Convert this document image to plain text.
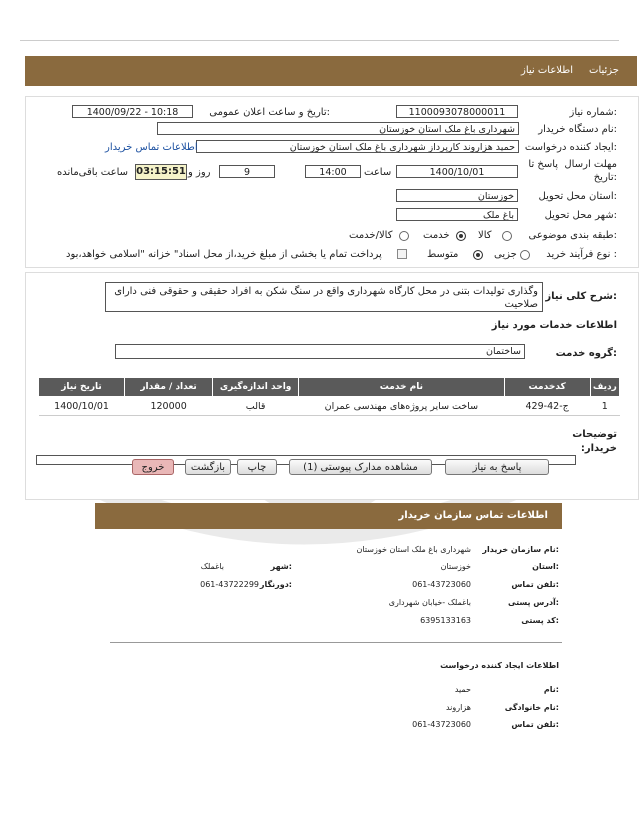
جزئیات
اطلاعات نیاز
شماره نیاز:
1100093078000011
تاریخ و ساعت اعلان عمومی:
1400/09/22 - 10:18
نام دستگاه خریدار:
شهرداری باغ ملک استان خوزستان
ایجاد کننده درخواست:
حمید هزاروند کارپرداز شهرداری باغ ملک استان خوزستان
اطلاعات تماس خریدار
مهلت ارسال  پاسخ تا
تاریخ:
1400/10/01
ساعت
14:00
9
روز و
03:15:51
ساعت باقی‌مانده
استان محل تحویل:
خوزستان
شهر محل تحویل:
باغ ملک
طبقه بندی موضوعی:
کالا
خدمت
کالا/خدمت
نوع فرآیند خرید :
جزیی
متوسط
پرداخت تمام یا بخشی از مبلغ خرید،از محل اسناد" خزانه "اسلامی خواهد،بود
شرح کلی نیاز:
وگذاری تولیدات بتنی در محل کارگاه شهرداری واقع در سنگ شکن به افراد حقیقی و حقوقی فنی دارای صلاحیت
اطلاعات خدمات مورد نیاز
گروه خدمت:
ساختمان
ردیف	کدخدمت	نام خدمت	واحد اندازه‌گیری	تعداد / مقدار	تاریخ نیاز
1	ج-42-429	ساخت سایر پروژه‌های مهندسی عمران	قالب	120000	1400/10/01
توضیحات خریدار:
پاسخ به نیاز
مشاهده مدارک پیوستی (1)
چاپ
بازگشت
خروج
اطلاعات تماس سازمان خریدار
نام سازمان خریدار:
شهرداری باغ ملک استان خوزستان
استان:
خوزستان
شهر:
باغملک
تلفن تماس:
061-43723060
دورنگار:
061-43722299
آدرس پستی:
باغملک -خیابان شهرداری
کد پستی:
6395133163
اطلاعات ایجاد کننده درخواست
نام:
حمید
نام خانوادگی:
هزاروند
تلفن تماس:
061-43723060
